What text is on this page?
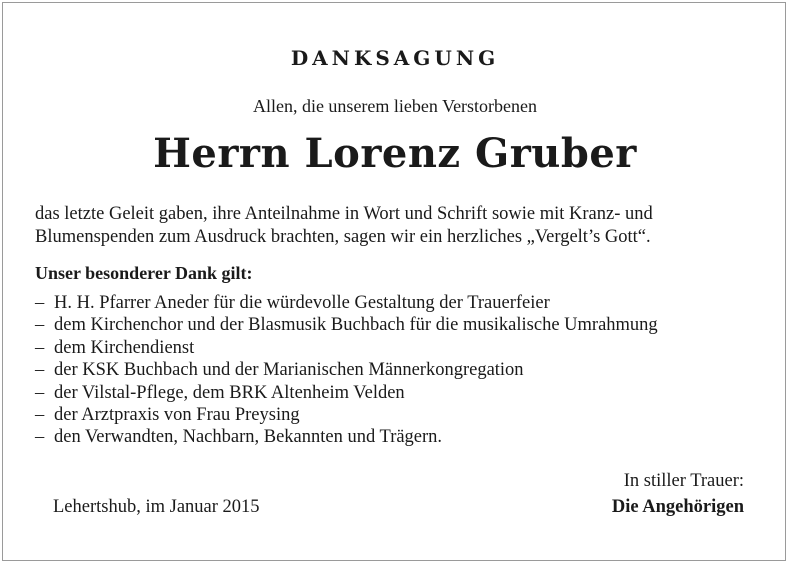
DANKSAGUNG
Allen, die unserem lieben Verstorbenen
Herrn Lorenz Gruber

das letzte Geleit gaben, ihre Anteilnahme in Wort und Schrift sowie mit Kranz- und

Blumenspenden zum Ausdruck brachten, sagen wir ein herzliches „Vergelt’s Gott“.

Unser besonderer Dank gilt:
– H. H. Pfarrer Aneder für die würdevolle Gestaltung der Trauerfeier
– dem Kirchenchor und der Blasmusik Buchbach für die musikalische Umrahmung
– dem Kirchendienst
– der KSK Buchbach und der Marianischen Männerkongregation
– der Vilstal-Pflege, dem BRK Altenheim Velden
– der Arztpraxis von Frau Preysing
– den Verwandten, Nachbarn, Bekannten und Trägern.
Lehertshub, im Januar 2015
In stiller Trauer:
Die Angehörigen
